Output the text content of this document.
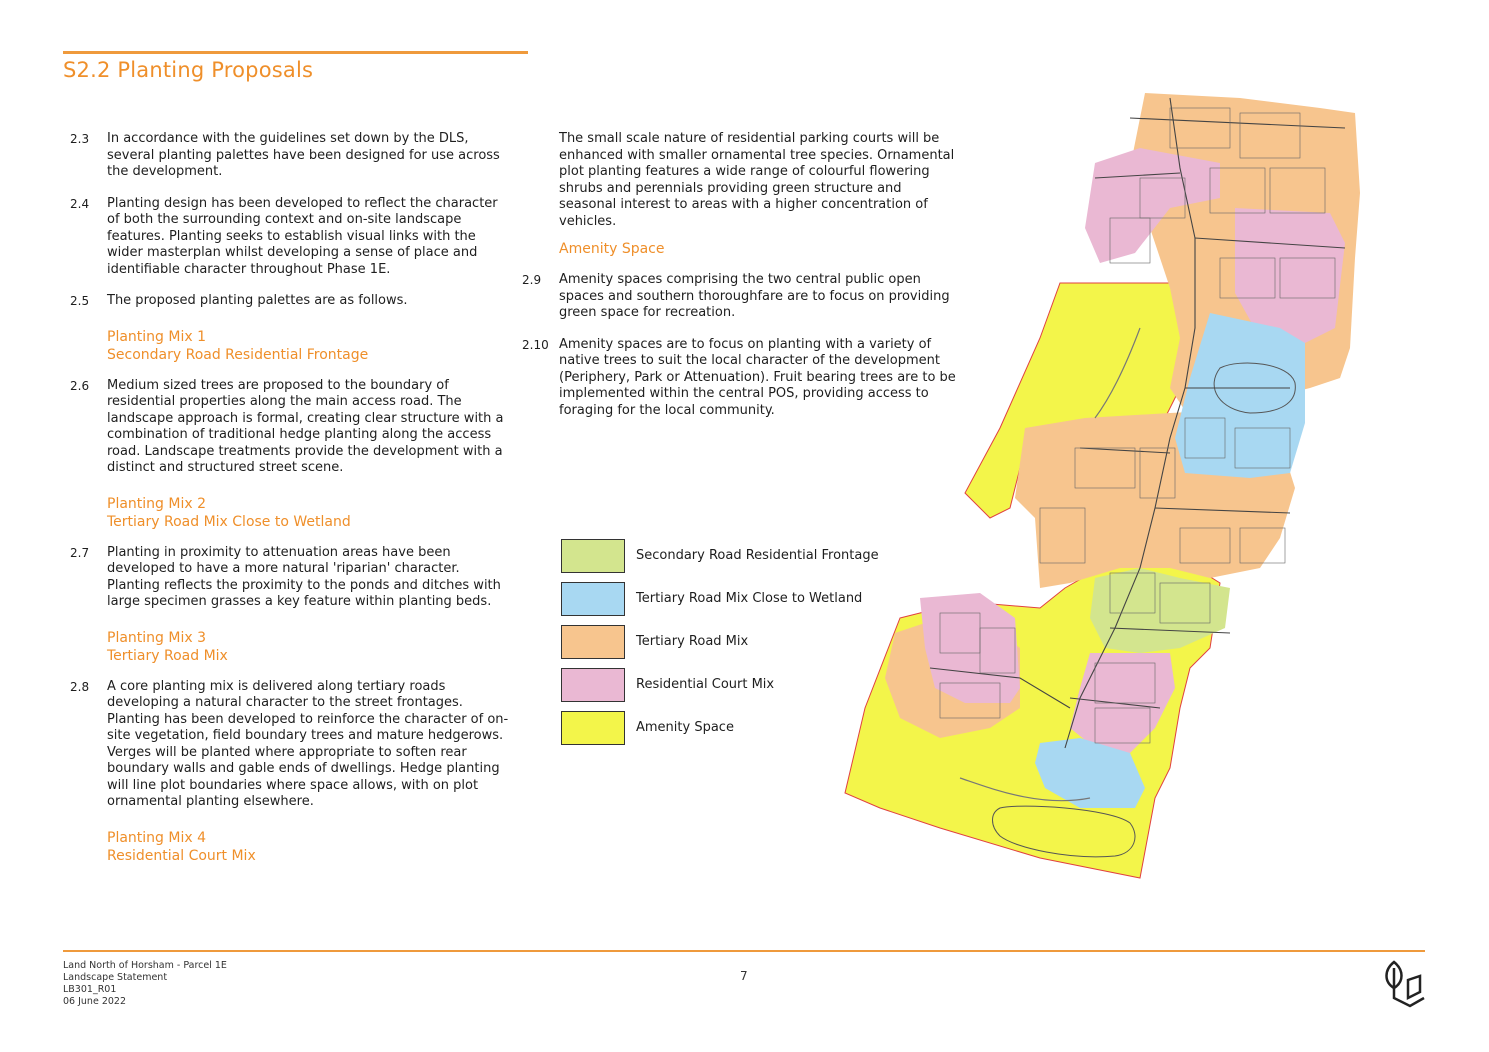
S2.2 Planting Proposals
2.3 In accordance with the guidelines set down by the DLS, several planting palettes have been designed for use across the development.
2.4 Planting design has been developed to reflect the character of both the surrounding context and on-site landscape features. Planting seeks to establish visual links with the wider masterplan whilst developing a sense of place and identifiable character throughout Phase 1E.
2.5 The proposed planting palettes are as follows.
Planting Mix 1
Secondary Road Residential Frontage
2.6 Medium sized trees are proposed to the boundary of residential properties along the main access road. The landscape approach is formal, creating clear structure with a combination of traditional hedge planting along the access road. Landscape treatments provide the development with a distinct and structured street scene.
Planting Mix 2
Tertiary Road Mix Close to Wetland
2.7 Planting in proximity to attenuation areas have been developed to have a more natural 'riparian' character. Planting reflects the proximity to the ponds and ditches with large specimen grasses a key feature within planting beds.
Planting Mix 3
Tertiary Road Mix
2.8 A core planting mix is delivered along tertiary roads developing a natural character to the street frontages. Planting has been developed to reinforce the character of on-site vegetation, field boundary trees and mature hedgerows. Verges will be planted where appropriate to soften rear boundary walls and gable ends of dwellings. Hedge planting will line plot boundaries where space allows, with on plot ornamental planting elsewhere.
Planting Mix 4
Residential Court Mix

The small scale nature of residential parking courts will be enhanced with smaller ornamental tree species. Ornamental plot planting features a wide range of colourful flowering shrubs and perennials providing green structure and seasonal interest to areas with a higher concentration of vehicles.

Amenity Space
2.9 Amenity spaces comprising the two central public open spaces and southern thoroughfare are to focus on providing green space for recreation.
2.10 Amenity spaces are to focus on planting with a variety of native trees to suit the local character of the development (Periphery, Park or Attenuation). Fruit bearing trees are to be implemented within the central POS, providing access to foraging for the local community.
Secondary Road Residential Frontage
Tertiary Road Mix Close to Wetland
Tertiary Road Mix
Residential Court Mix
Amenity Space
Land North of Horsham - Parcel 1E
Landscape Statement
LB301_R01
06 June 2022
7
